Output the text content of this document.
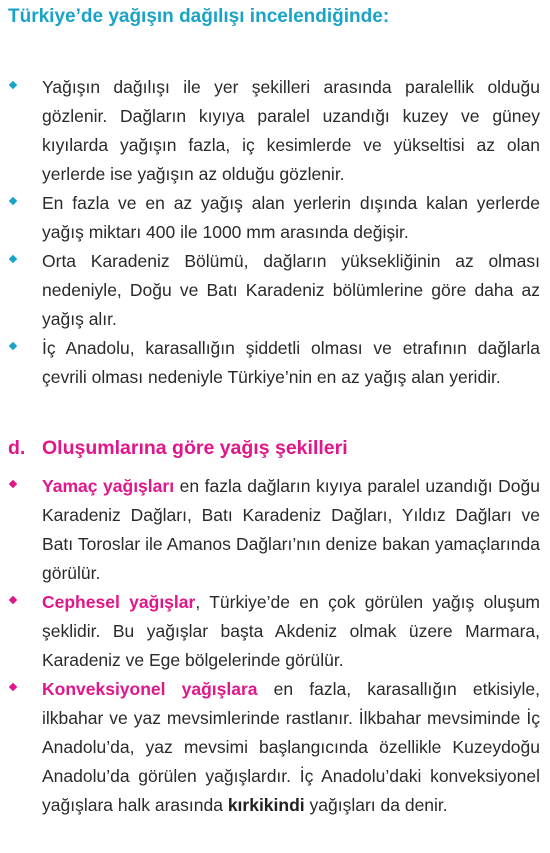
Türkiye’de yağışın dağılışı incelendiğinde:
Yağışın dağılışı ile yer şekilleri arasında paralellik olduğu gözlenir. Dağların kıyıya paralel uzandığı kuzey ve güney kıyılarda yağışın fazla, iç kesimlerde ve yükseltisi az olan yerlerde ise yağışın az olduğu gözlenir.
En fazla ve en az yağış alan yerlerin dışında kalan yerlerde yağış miktarı 400 ile 1000 mm arasında değişir.
Orta Karadeniz Bölümü, dağların yüksekliğinin az olması nedeniyle, Doğu ve Batı Karadeniz bölümlerine göre daha az yağış alır.
İç Anadolu, karasallığın şiddetli olması ve etrafının dağlarla çevrili olması nedeniyle Türkiye’nin en az yağış alan yeridir.
d. Oluşumlarına göre yağış şekilleri
Yamaç yağışları en fazla dağların kıyıya paralel uzandığı Doğu Karadeniz Dağları, Batı Karadeniz Dağları, Yıldız Dağları ve Batı Toroslar ile Amanos Dağları’nın denize bakan yamaçlarında görülür.
Cephesel yağışlar, Türkiye’de en çok görülen yağış oluşum şeklidir. Bu yağışlar başta Akdeniz olmak üzere Marmara, Karadeniz ve Ege bölgelerinde görülür.
Konveksiyonel yağışlara en fazla, karasallığın etkisiyle, ilkbahar ve yaz mevsimlerinde rastlanır. İlkbahar mevsiminde İç Anadolu’da, yaz mevsimi başlangıcında özellikle Kuzeydoğu Anadolu’da görülen yağışlardır. İç Anadolu’daki konveksiyonel yağışlara halk arasında kırkikindi yağışları da denir.
